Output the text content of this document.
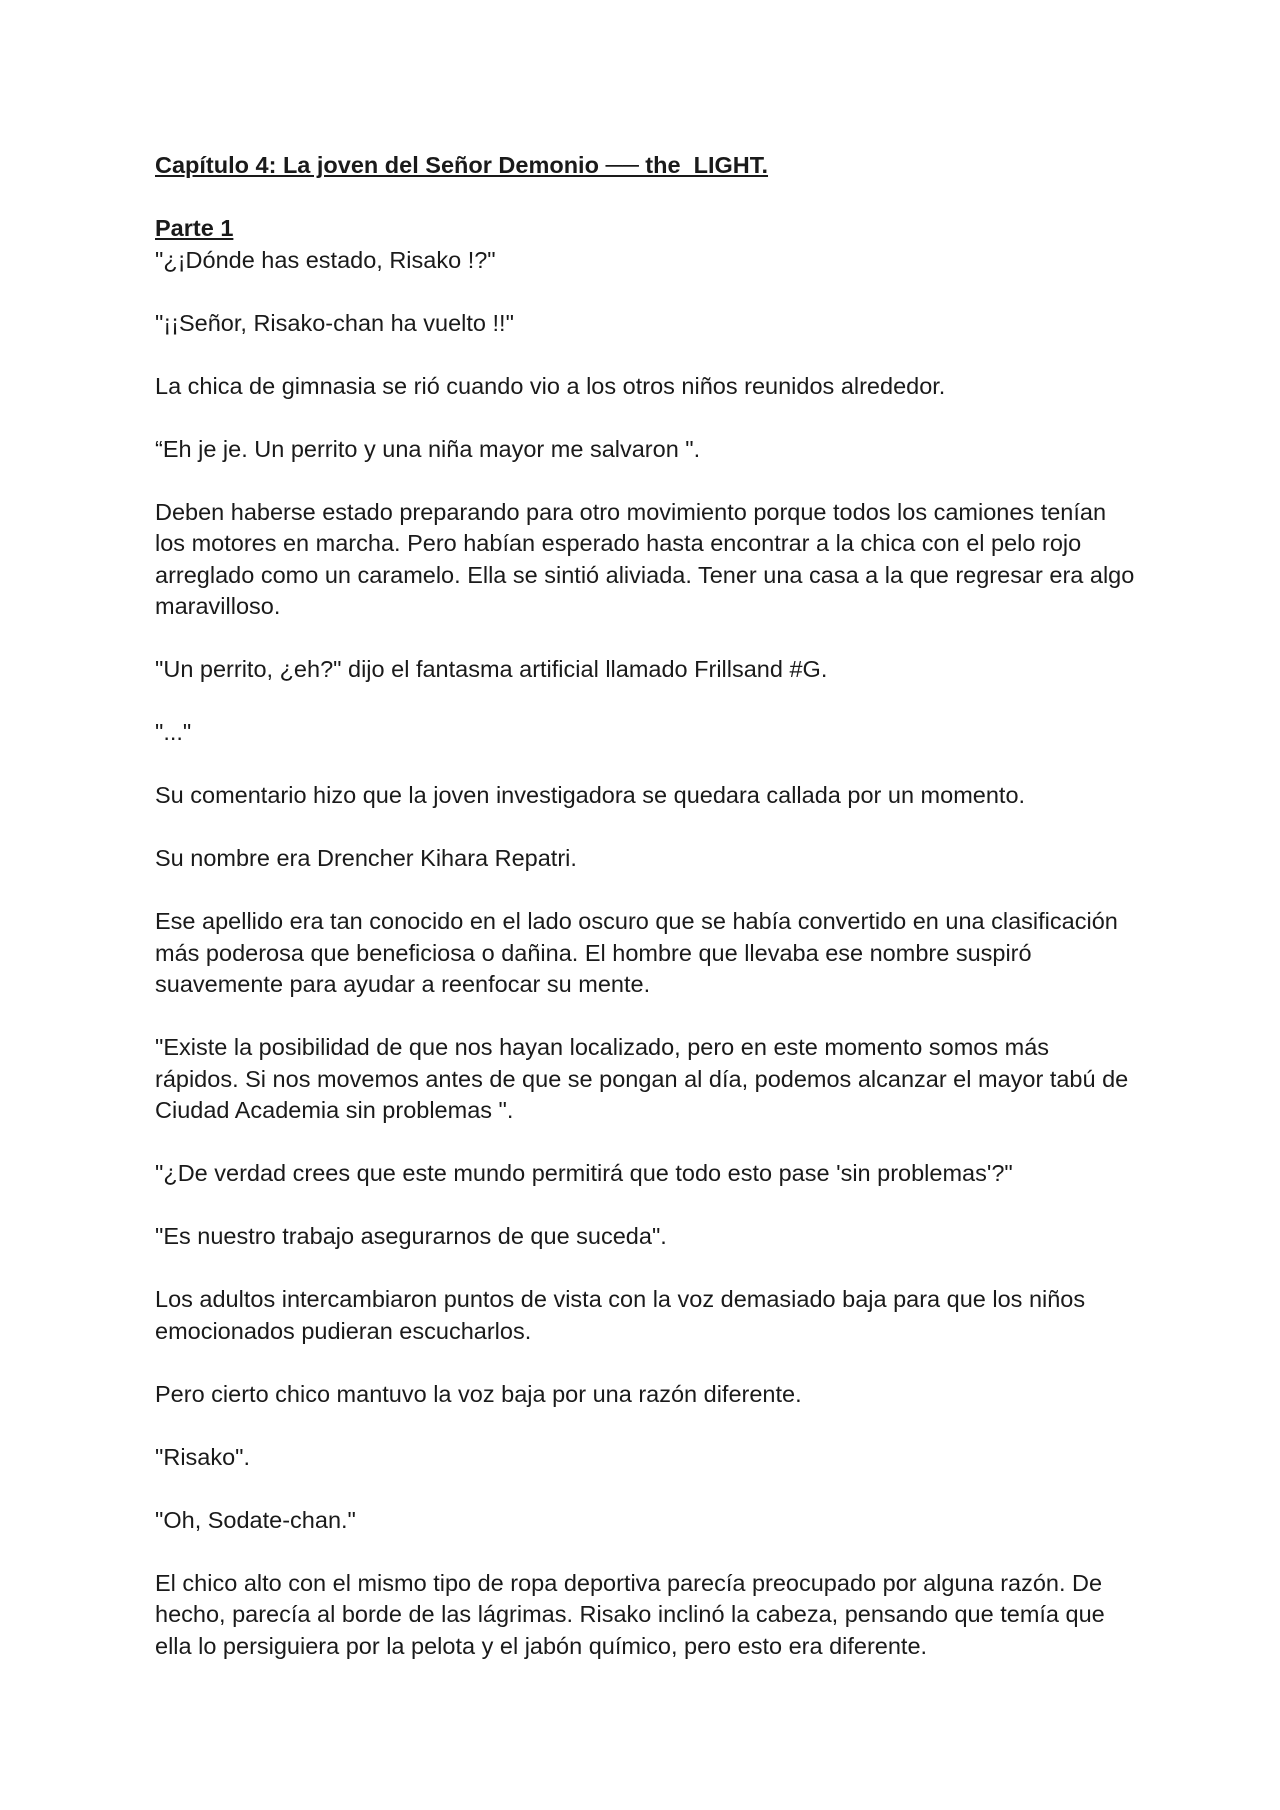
Capítulo 4: La joven del Señor Demonio ── the_LIGHT.

Parte 1

"¿¡Dónde has estado, Risako !?"

"¡¡Señor, Risako-chan ha vuelto !!"

La chica de gimnasia se rió cuando vio a los otros niños reunidos alrededor.

“Eh je je. Un perrito y una niña mayor me salvaron ".

Deben haberse estado preparando para otro movimiento porque todos los camiones tenían los motores en marcha. Pero habían esperado hasta encontrar a la chica con el pelo rojo arreglado como un caramelo. Ella se sintió aliviada. Tener una casa a la que regresar era algo maravilloso.

"Un perrito, ¿eh?" dijo el fantasma artificial llamado Frillsand #G.

"..."

Su comentario hizo que la joven investigadora se quedara callada por un momento.

Su nombre era Drencher Kihara Repatri.

Ese apellido era tan conocido en el lado oscuro que se había convertido en una clasificación más poderosa que beneficiosa o dañina. El hombre que llevaba ese nombre suspiró suavemente para ayudar a reenfocar su mente.

"Existe la posibilidad de que nos hayan localizado, pero en este momento somos más rápidos. Si nos movemos antes de que se pongan al día, podemos alcanzar el mayor tabú de Ciudad Academia sin problemas ".

"¿De verdad crees que este mundo permitirá que todo esto pase 'sin problemas'?"

"Es nuestro trabajo asegurarnos de que suceda".

Los adultos intercambiaron puntos de vista con la voz demasiado baja para que los niños emocionados pudieran escucharlos.

Pero cierto chico mantuvo la voz baja por una razón diferente.

"Risako".

"Oh, Sodate-chan."

El chico alto con el mismo tipo de ropa deportiva parecía preocupado por alguna razón. De hecho, parecía al borde de las lágrimas. Risako inclinó la cabeza, pensando que temía que ella lo persiguiera por la pelota y el jabón químico, pero esto era diferente.
